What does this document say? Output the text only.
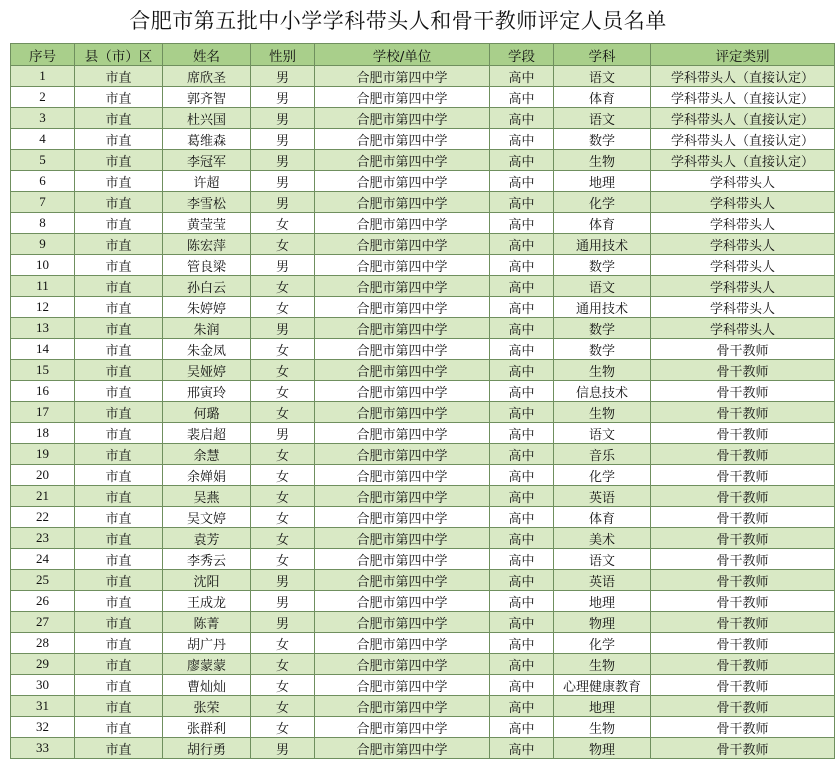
合肥市第五批中小学学科带头人和骨干教师评定人员名单
序号	县（市）区	姓名	性别	学校/单位	学段	学科	评定类别
1	市直	席欣圣	男	合肥市第四中学	高中	语文	学科带头人（直接认定）
2	市直	郭齐智	男	合肥市第四中学	高中	体育	学科带头人（直接认定）
3	市直	杜兴国	男	合肥市第四中学	高中	语文	学科带头人（直接认定）
4	市直	葛维森	男	合肥市第四中学	高中	数学	学科带头人（直接认定）
5	市直	李冠军	男	合肥市第四中学	高中	生物	学科带头人（直接认定）
6	市直	许超	男	合肥市第四中学	高中	地理	学科带头人
7	市直	李雪松	男	合肥市第四中学	高中	化学	学科带头人
8	市直	黄莹莹	女	合肥市第四中学	高中	体育	学科带头人
9	市直	陈宏萍	女	合肥市第四中学	高中	通用技术	学科带头人
10	市直	管良梁	男	合肥市第四中学	高中	数学	学科带头人
11	市直	孙白云	女	合肥市第四中学	高中	语文	学科带头人
12	市直	朱婷婷	女	合肥市第四中学	高中	通用技术	学科带头人
13	市直	朱润	男	合肥市第四中学	高中	数学	学科带头人
14	市直	朱金凤	女	合肥市第四中学	高中	数学	骨干教师
15	市直	吴娅婷	女	合肥市第四中学	高中	生物	骨干教师
16	市直	邢寅玲	女	合肥市第四中学	高中	信息技术	骨干教师
17	市直	何璐	女	合肥市第四中学	高中	生物	骨干教师
18	市直	裴启超	男	合肥市第四中学	高中	语文	骨干教师
19	市直	余慧	女	合肥市第四中学	高中	音乐	骨干教师
20	市直	余婵娟	女	合肥市第四中学	高中	化学	骨干教师
21	市直	吴燕	女	合肥市第四中学	高中	英语	骨干教师
22	市直	吴文婷	女	合肥市第四中学	高中	体育	骨干教师
23	市直	袁芳	女	合肥市第四中学	高中	美术	骨干教师
24	市直	李秀云	女	合肥市第四中学	高中	语文	骨干教师
25	市直	沈阳	男	合肥市第四中学	高中	英语	骨干教师
26	市直	王成龙	男	合肥市第四中学	高中	地理	骨干教师
27	市直	陈菁	男	合肥市第四中学	高中	物理	骨干教师
28	市直	胡广丹	女	合肥市第四中学	高中	化学	骨干教师
29	市直	廖蒙蒙	女	合肥市第四中学	高中	生物	骨干教师
30	市直	曹灿灿	女	合肥市第四中学	高中	心理健康教育	骨干教师
31	市直	张荣	女	合肥市第四中学	高中	地理	骨干教师
32	市直	张群利	女	合肥市第四中学	高中	生物	骨干教师
33	市直	胡行勇	男	合肥市第四中学	高中	物理	骨干教师
